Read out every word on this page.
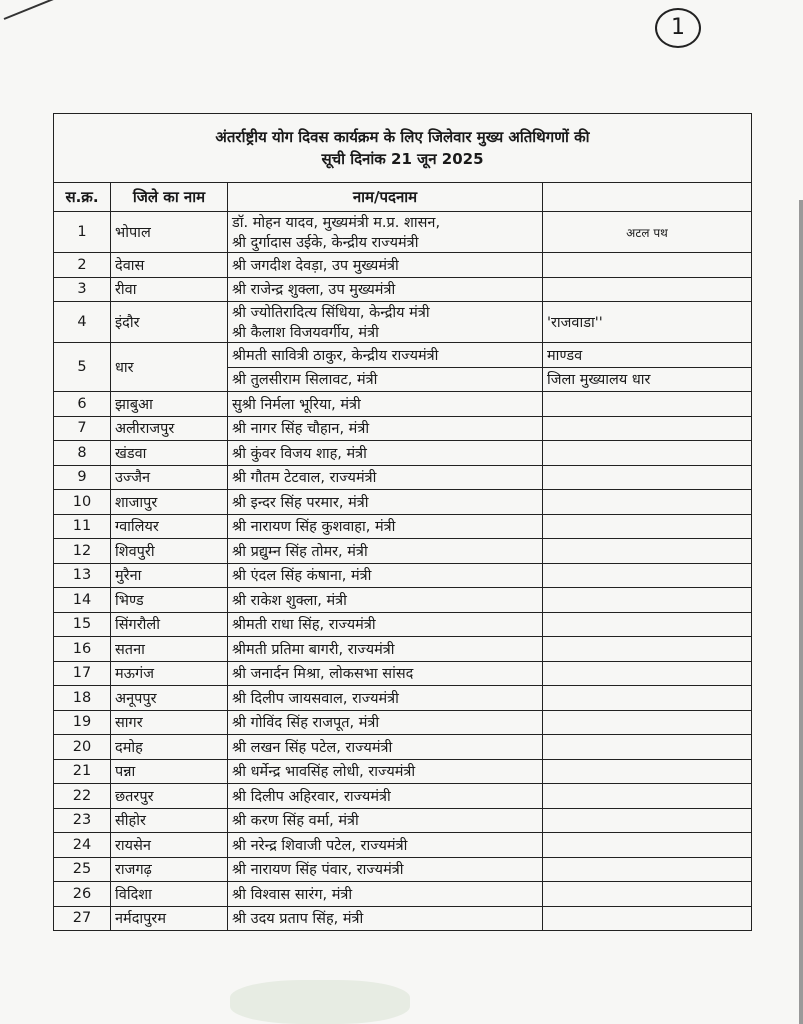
1
अंतर्राष्ट्रीय योग दिवस कार्यक्रम के लिए जिलेवार मुख्य अतिथिगणों की
सूची दिनांक 21 जून 2025			

स.क्र.	जिले का नाम	नाम/पदनाम	
1	भोपाल	डॉ. मोहन यादव, मुख्यमंत्री म.प्र. शासन,
श्री दुर्गादास उईके, केन्द्रीय राज्यमंत्री	अटल पथ
2	देवास	श्री जगदीश देवड़ा, उप मुख्यमंत्री	

3	रीवा	श्री राजेन्द्र शुक्ला, उप मुख्यमंत्री	

4	इंदौर	श्री ज्योतिरादित्य सिंधिया, केन्द्रीय मंत्री
श्री कैलाश विजयवर्गीय, मंत्री	'राजवाडा''
5	धार	श्रीमती सावित्री ठाकुर, केन्द्रीय राज्यमंत्री	माण्डव
		श्री तुलसीराम सिलावट, मंत्री	जिला मुख्यालय धार
6	झाबुआ	सुश्री निर्मला भूरिया, मंत्री	

7	अलीराजपुर	श्री नागर सिंह चौहान, मंत्री	

8	खंडवा	श्री कुंवर विजय शाह, मंत्री	

9	उज्जैन	श्री गौतम टेटवाल, राज्यमंत्री	

10	शाजापुर	श्री इन्दर सिंह परमार, मंत्री	

11	ग्वालियर	श्री नारायण सिंह कुशवाहा, मंत्री	

12	शिवपुरी	श्री प्रद्युम्न सिंह तोमर, मंत्री	

13	मुरैना	श्री एंदल सिंह कंषाना, मंत्री	

14	भिण्ड	श्री राकेश शुक्ला, मंत्री	

15	सिंगरौली	श्रीमती राधा सिंह, राज्यमंत्री	

16	सतना	श्रीमती प्रतिमा बागरी, राज्यमंत्री	

17	मऊगंज	श्री जनार्दन मिश्रा, लोकसभा सांसद	

18	अनूपपुर	श्री दिलीप जायसवाल, राज्यमंत्री	

19	सागर	श्री गोविंद सिंह राजपूत, मंत्री	

20	दमोह	श्री लखन सिंह पटेल, राज्यमंत्री	

21	पन्ना	श्री धर्मेन्द्र भावसिंह लोधी, राज्यमंत्री	

22	छतरपुर	श्री दिलीप अहिरवार, राज्यमंत्री	

23	सीहोर	श्री करण सिंह वर्मा, मंत्री	

24	रायसेन	श्री नरेन्द्र शिवाजी पटेल, राज्यमंत्री	

25	राजगढ़	श्री नारायण सिंह पंवार, राज्यमंत्री	

26	विदिशा	श्री विश्वास सारंग, मंत्री	

27	नर्मदापुरम	श्री उदय प्रताप सिंह, मंत्री	
